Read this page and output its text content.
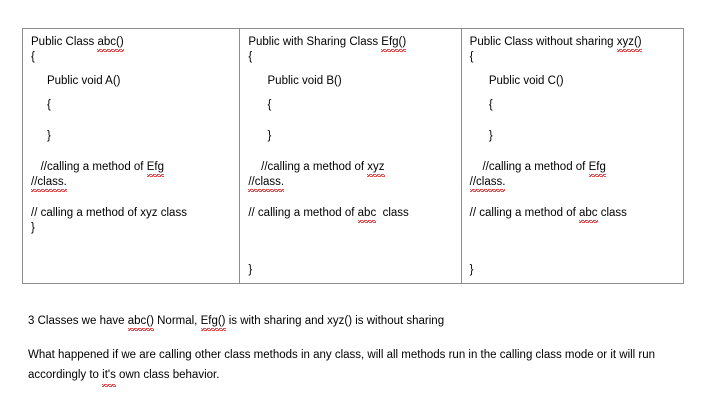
Public Class abc()
{
Public void A()
{
}
//calling a method of Efg
//class.
// calling a method of xyz class
}
Public with Sharing Class Efg()
{
Public void B()
{
}
//calling a method of xyz
//class.
// calling a method of abc  class
}
Public Class without sharing xyz()
{
Public void C()
{
}
//calling a method of Efg
//class.
// calling a method of abc class
}

3 Classes we have abc() Normal, Efg() is with sharing and xyz() is without sharing

What happened if we are calling other class methods in any class, will all methods run in the calling class mode or it will run accordingly to it's own class behavior.
